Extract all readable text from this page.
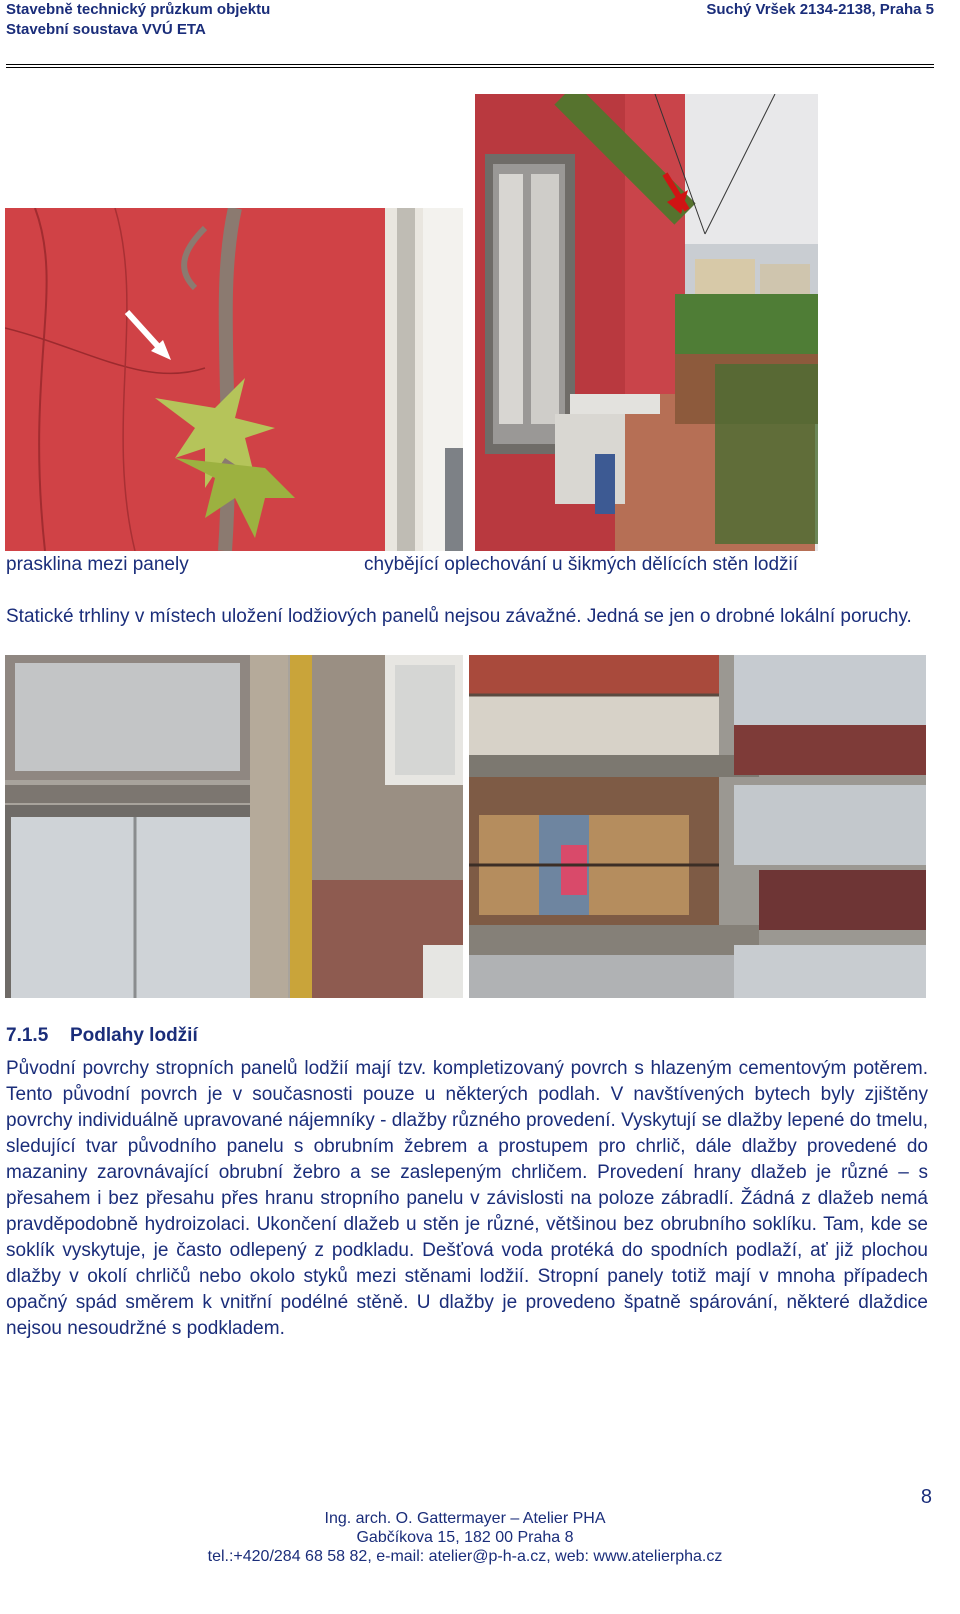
Stavebně technický průzkum objektu
Stavební soustava VVÚ ETA
Suchý Vršek 2134-2138, Praha 5
prasklina mezi panely	chybějící oplechování u šikmých dělících stěn lodžií

Statické trhliny v místech uložení lodžiových panelů nejsou závažné. Jedná se jen o drobné lokální poruchy.

7.1.5 Podlahy lodžií

Původní povrchy stropních panelů lodžií mají tzv. kompletizovaný povrch s hlazeným cementovým potěrem. Tento původní povrch je v současnosti pouze u některých podlah. V navštívených bytech byly zjištěny povrchy individuálně upravované nájemníky - dlažby různého provedení. Vyskytují se dlažby lepené do tmelu, sledující tvar původního panelu s obrubním žebrem a prostupem pro chrlič, dále dlažby provedené do mazaniny zarovnávající obrubní žebro a se zaslepeným chrličem. Provedení hrany dlažeb je různé – s přesahem i bez přesahu přes hranu stropního panelu v závislosti na poloze zábradlí. Žádná z dlažeb nemá pravděpodobně hydroizolaci. Ukončení dlažeb u stěn je různé, většinou bez obrubního soklíku. Tam, kde se soklík vyskytuje, je často odlepený z podkladu. Dešťová voda protéká do spodních podlaží, ať již plochou dlažby v okolí chrličů nebo okolo styků mezi stěnami lodžií. Stropní panely totiž mají v mnoha případech opačný spád směrem k vnitřní podélné stěně. U dlažby je provedeno špatně spárování, některé dlaždice nejsou nesoudržné s podkladem.

8
Ing. arch. O. Gattermayer – Atelier PHA
Gabčíkova 15, 182 00 Praha 8
tel.:+420/284 68 58 82, e-mail: atelier@p-h-a.cz, web: www.atelierpha.cz
